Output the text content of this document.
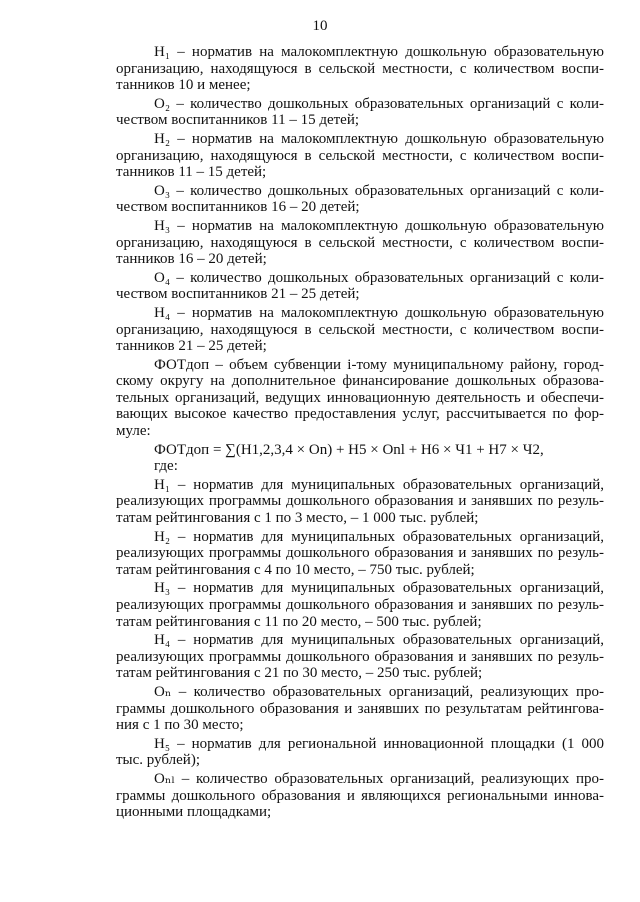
10
Н₁ – норматив на малокомплектную дошкольную образовательную
организацию, находящуюся в сельской местности, с количеством воспи-
танников 10 и менее;
О₂ – количество дошкольных образовательных организаций с коли-
чеством воспитанников 11 – 15 детей;
Н₂ – норматив на малокомплектную дошкольную образовательную
организацию, находящуюся в сельской местности, с количеством воспи-
танников 11 – 15 детей;
О₃ – количество дошкольных образовательных организаций с коли-
чеством воспитанников 16 – 20 детей;
Н₃ – норматив на малокомплектную дошкольную образовательную
организацию, находящуюся в сельской местности, с количеством воспи-
танников 16 – 20 детей;
О₄ – количество дошкольных образовательных организаций с коли-
чеством воспитанников 21 – 25 детей;
Н₄ – норматив на малокомплектную дошкольную образовательную
организацию, находящуюся в сельской местности, с количеством воспи-
танников 21 – 25 детей;
ФОТдоп – объем субвенции i-тому муниципальному району, город-
скому округу на дополнительное финансирование дошкольных образова-
тельных организаций, ведущих инновационную деятельность и обеспечи-
вающих высокое качество предоставления услуг, рассчитывается по фор-
муле:
ФОТдоп = ∑(Н1,2,3,4 × Оn) + Н5 × Оnl + Н6 × Ч1 + Н7 × Ч2,
где:
Н₁ – норматив для муниципальных образовательных организаций,
реализующих программы дошкольного образования и занявших по резуль-
татам рейтингования с 1 по 3 место, – 1 000 тыс. рублей;
Н₂ – норматив для муниципальных образовательных организаций,
реализующих программы дошкольного образования и занявших по резуль-
татам рейтингования с 4 по 10 место, – 750 тыс. рублей;
Н₃ – норматив для муниципальных образовательных организаций,
реализующих программы дошкольного образования и занявших по резуль-
татам рейтингования с 11 по 20 место, – 500 тыс. рублей;
Н₄ – норматив для муниципальных образовательных организаций,
реализующих программы дошкольного образования и занявших по резуль-
татам рейтингования с 21 по 30 место, – 250 тыс. рублей;
Оₙ – количество образовательных организаций, реализующих про-
граммы дошкольного образования и занявших по результатам рейтингова-
ния с 1 по 30 место;
Н₅ – норматив для региональной инновационной площадки (1 000
тыс. рублей);
Оₙₗ – количество образовательных организаций, реализующих про-
граммы дошкольного образования и являющихся региональными иннова-
ционными площадками;
